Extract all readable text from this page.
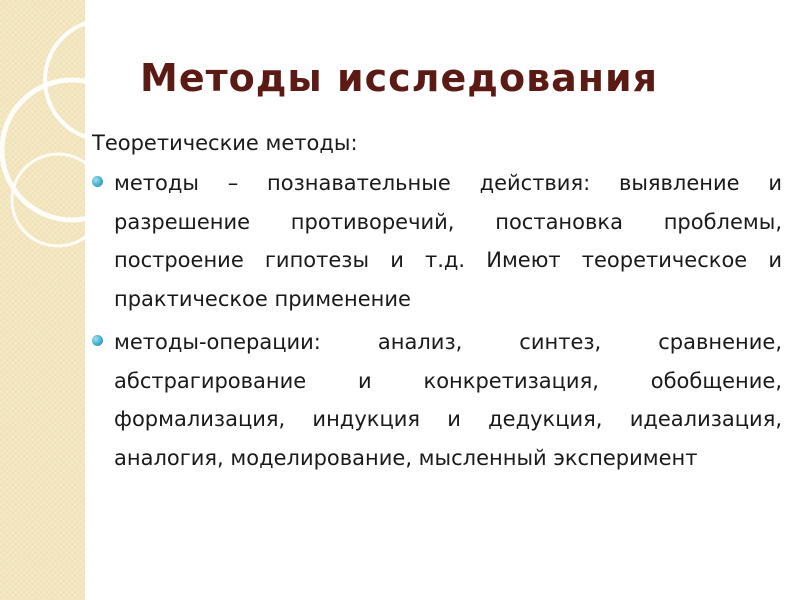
Методы исследования

Теоретические методы:

методы – познавательные действия: выявление и разрешение противоречий, постановка проблемы, построение гипотезы и т.д. Имеют теоретическое и практическое применение
методы-операции: анализ, синтез, сравнение, абстрагирование и конкретизация, обобщение, формализация, индукция и дедукция, идеализация, аналогия, моделирование, мысленный эксперимент
